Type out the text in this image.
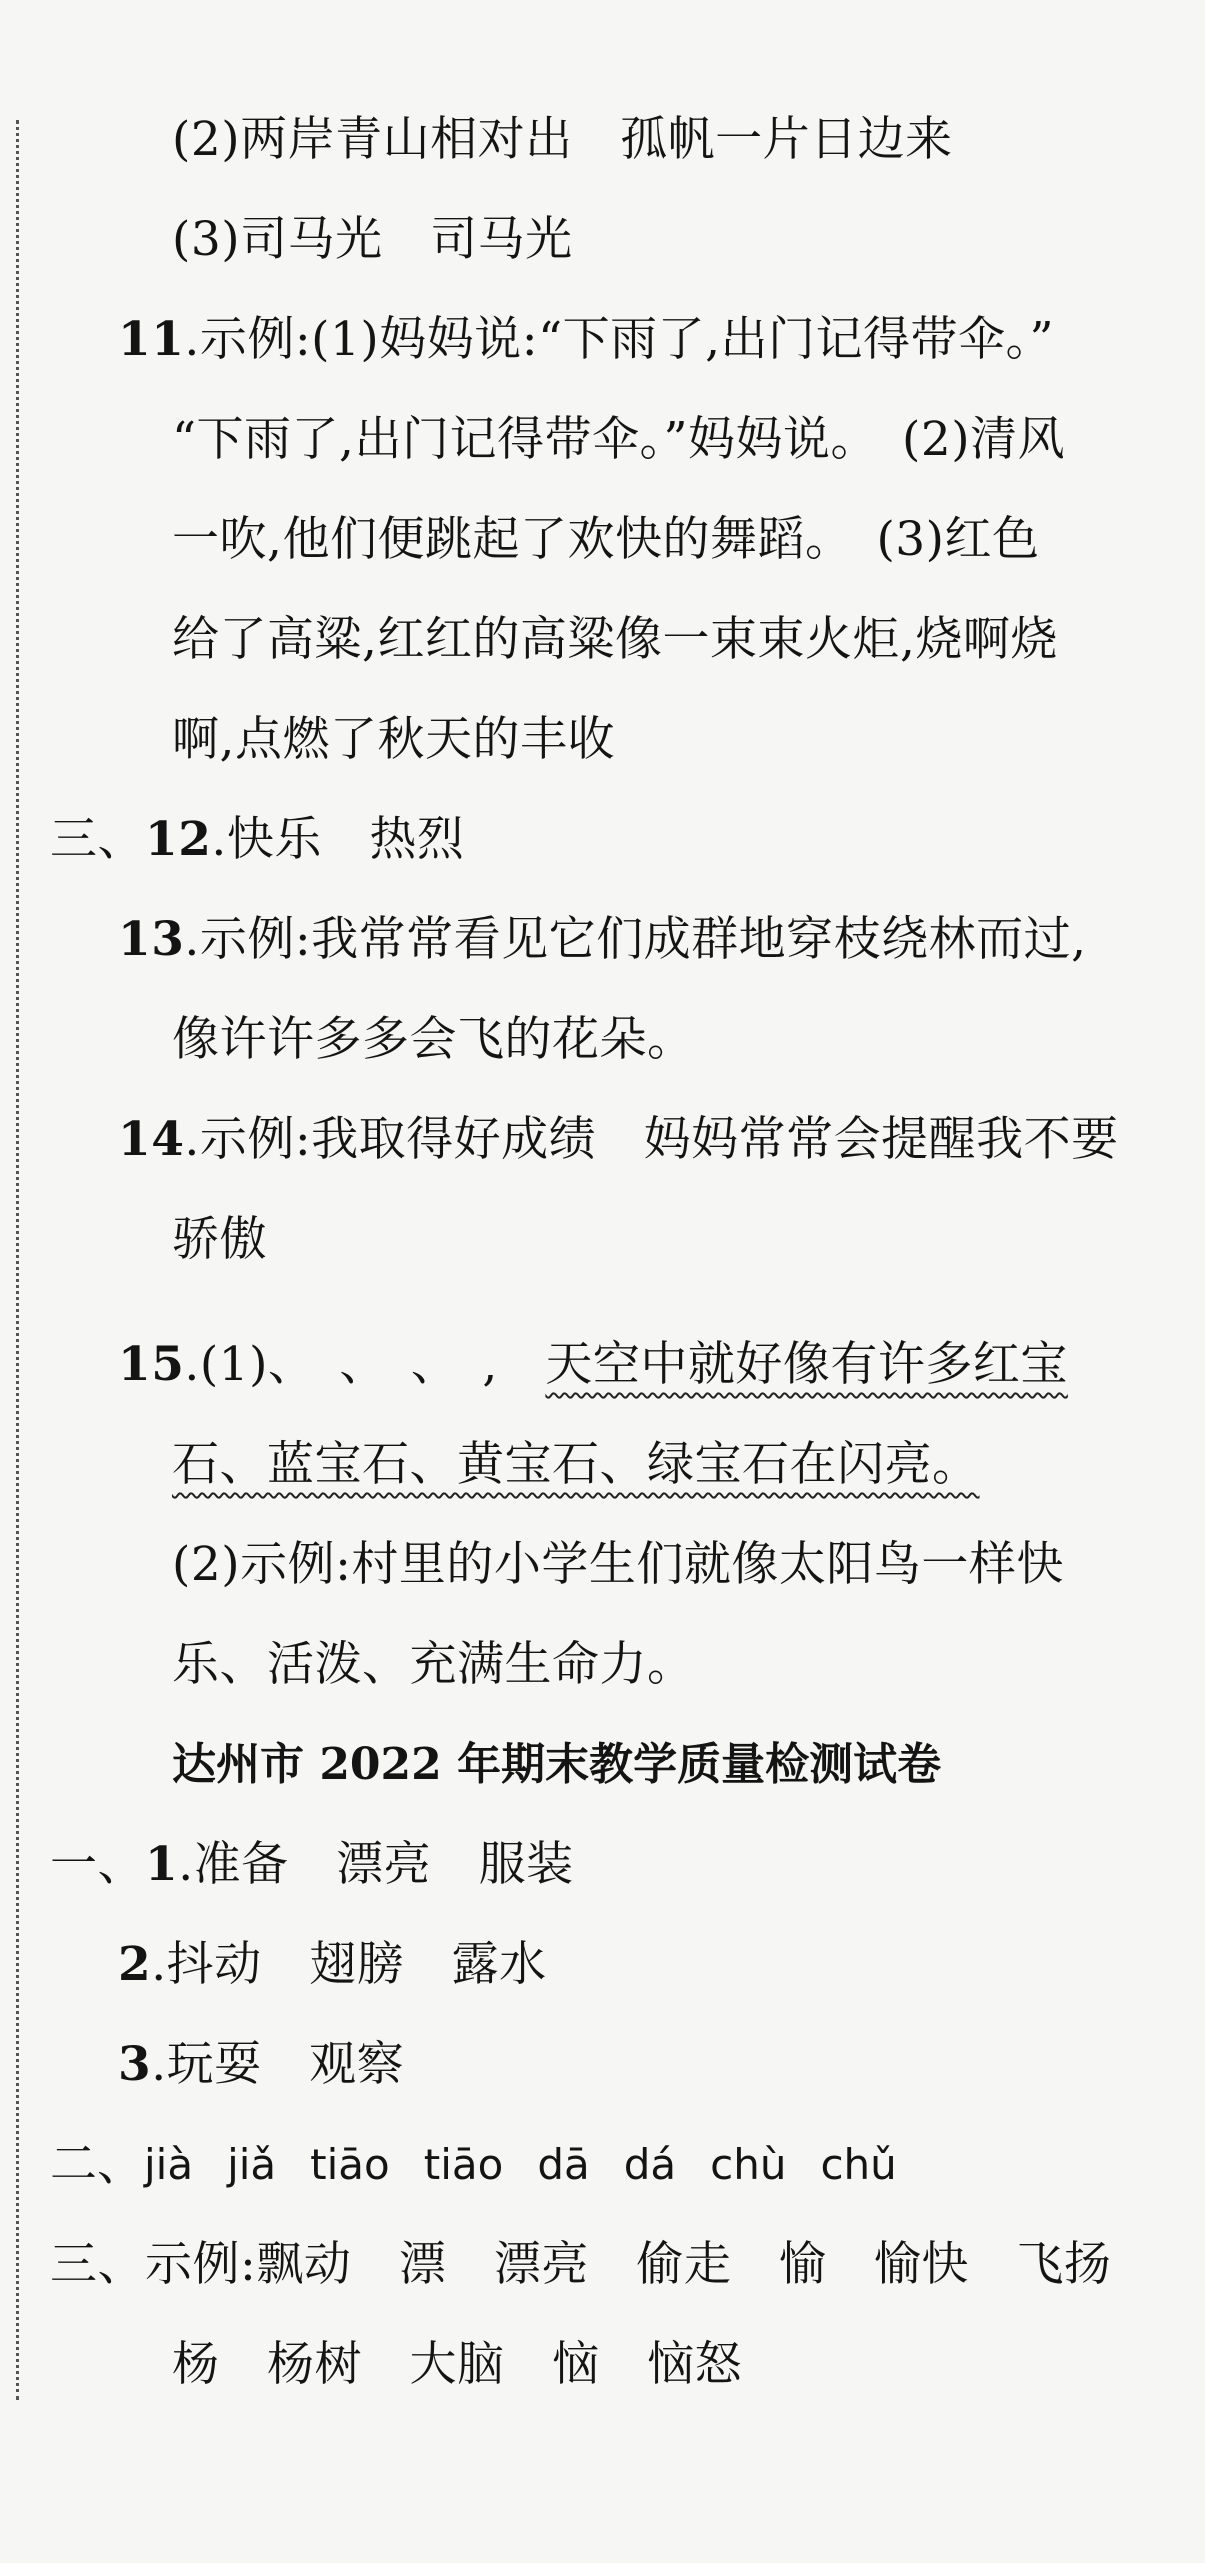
(2)两岸青山相对出　孤帆一片日边来
(3)司马光　司马光
11.示例:(1)妈妈说:“下雨了,出门记得带伞。”
“下雨了,出门记得带伞。”妈妈说。　(2)清风
一吹,他们便跳起了欢快的舞蹈。　(3)红色
给了高粱,红红的高粱像一束束火炬,烧啊烧
啊,点燃了秋天的丰收
三、12.快乐　热烈
13.示例:我常常看见它们成群地穿枝绕林而过,
像许许多多会飞的花朵。
14.示例:我取得好成绩　妈妈常常会提醒我不要
骄傲
15.(1)、　、　、　,　天空中就好像有许多红宝
石、蓝宝石、黄宝石、绿宝石在闪亮。
(2)示例:村里的小学生们就像太阳鸟一样快
乐、活泼、充满生命力。
达州市 2022 年期末教学质量检测试卷
一、1.准备　漂亮　服装
2.抖动　翅膀　露水
3.玩耍　观察
二、 jià jiǎ tiāo tiāo dā dá chù chǔ
三、示例:飘动　漂　漂亮　偷走　愉　愉快　飞扬
杨　杨树　大脑　恼　恼怒
